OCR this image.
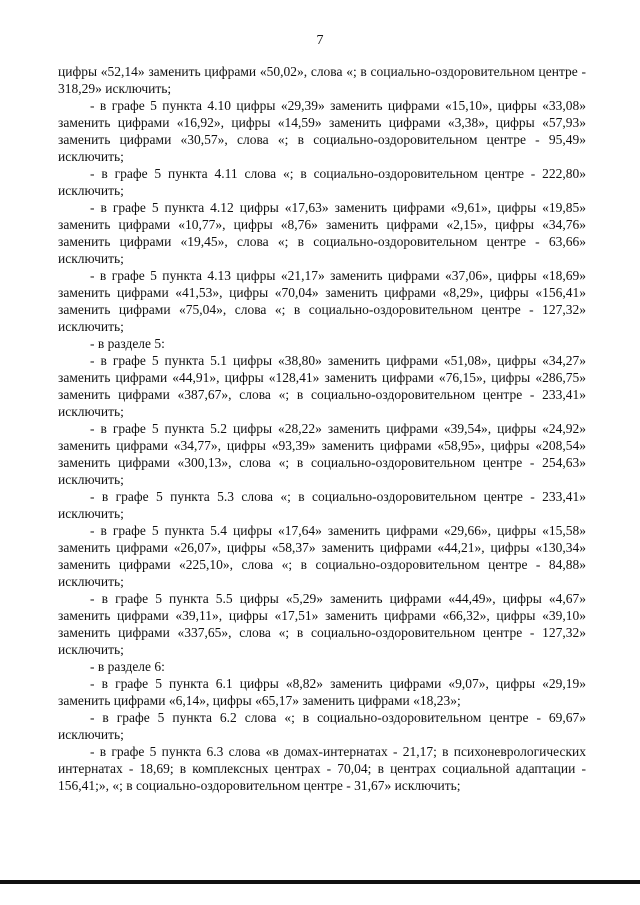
7

цифры «52,14» заменить цифрами «50,02», слова «; в социально-оздоровительном центре - 318,29» исключить;

- в графе 5 пункта 4.10 цифры «29,39» заменить цифрами «15,10», цифры «33,08» заменить цифрами «16,92», цифры «14,59» заменить цифрами «3,38», цифры «57,93» заменить цифрами «30,57», слова «; в социально-оздоровительном центре - 95,49» исключить;

- в графе 5 пункта 4.11 слова «; в социально-оздоровительном центре - 222,80» исключить;

- в графе 5 пункта 4.12 цифры «17,63» заменить цифрами «9,61», цифры «19,85» заменить цифрами «10,77», цифры «8,76» заменить цифрами «2,15», цифры «34,76» заменить цифрами «19,45», слова «; в социально-оздоровительном центре - 63,66» исключить;

- в графе 5 пункта 4.13 цифры «21,17» заменить цифрами «37,06», цифры «18,69» заменить цифрами «41,53», цифры «70,04» заменить цифрами «8,29», цифры «156,41» заменить цифрами «75,04», слова «; в социально-оздоровительном центре - 127,32» исключить;

- в разделе 5:

- в графе 5 пункта 5.1 цифры «38,80» заменить цифрами «51,08», цифры «34,27» заменить цифрами «44,91», цифры «128,41» заменить цифрами «76,15», цифры «286,75» заменить цифрами «387,67», слова «; в социально-оздоровительном центре - 233,41» исключить;

- в графе 5 пункта 5.2 цифры «28,22» заменить цифрами «39,54», цифры «24,92» заменить цифрами «34,77», цифры «93,39» заменить цифрами «58,95», цифры «208,54» заменить цифрами «300,13», слова «; в социально-оздоровительном центре - 254,63» исключить;

- в графе 5 пункта 5.3 слова «; в социально-оздоровительном центре - 233,41» исключить;

- в графе 5 пункта 5.4 цифры «17,64» заменить цифрами «29,66», цифры «15,58» заменить цифрами «26,07», цифры «58,37» заменить цифрами «44,21», цифры «130,34» заменить цифрами «225,10», слова «; в социально-оздоровительном центре - 84,88» исключить;

- в графе 5 пункта 5.5 цифры «5,29» заменить цифрами «44,49», цифры «4,67» заменить цифрами «39,11», цифры «17,51» заменить цифрами «66,32», цифры «39,10» заменить цифрами «337,65», слова «; в социально-оздоровительном центре - 127,32» исключить;

- в разделе 6:

- в графе 5 пункта 6.1 цифры «8,82» заменить цифрами «9,07», цифры «29,19» заменить цифрами «6,14», цифры «65,17» заменить цифрами «18,23»;

- в графе 5 пункта 6.2 слова «; в социально-оздоровительном центре - 69,67» исключить;

- в графе 5 пункта 6.3 слова «в домах-интернатах - 21,17; в психоневрологических интернатах - 18,69; в комплексных центрах - 70,04; в центрах социальной адаптации - 156,41;», «; в социально-оздоровительном центре - 31,67» исключить;
